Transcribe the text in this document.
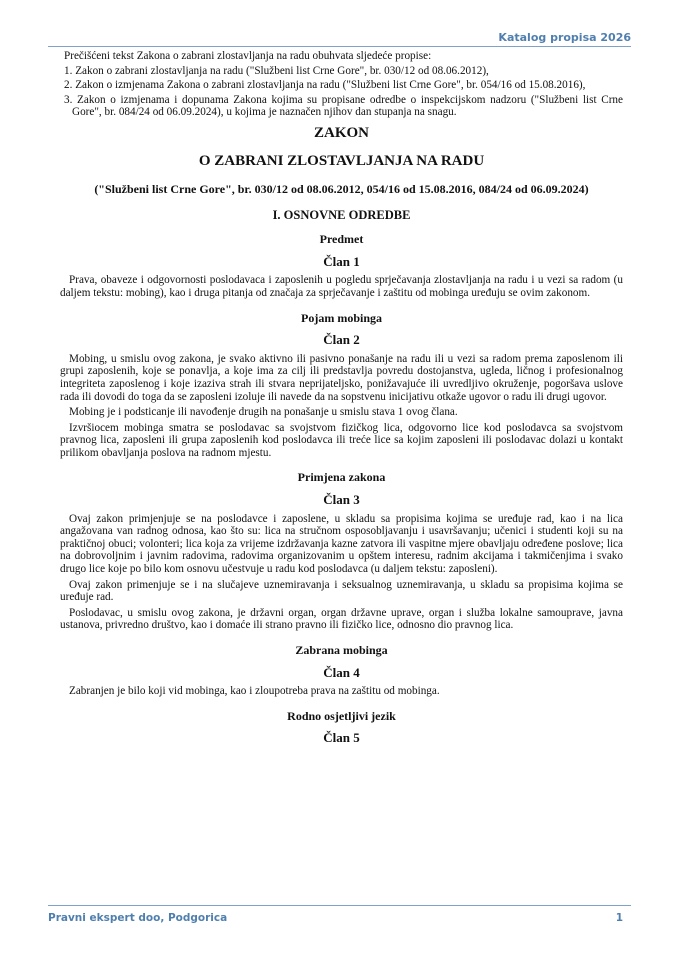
Katalog propisa 2026

Prečišćeni tekst Zakona o zabrani zlostavljanja na radu obuhvata sljedeće propise:

1. Zakon o zabrani zlostavljanja na radu ("Službeni list Crne Gore", br. 030/12 od 08.06.2012),
2. Zakon o izmjenama Zakona o zabrani zlostavljanja na radu ("Službeni list Crne Gore", br. 054/16 od 15.08.2016),
3. Zakon o izmjenama i dopunama Zakona kojima su propisane odredbe o inspekcijskom nadzoru ("Službeni list Crne Gore", br. 084/24 od 06.09.2024), u kojima je naznačen njihov dan stupanja na snagu.
ZAKON
O ZABRANI ZLOSTAVLJANJA NA RADU
("Službeni list Crne Gore", br. 030/12 od 08.06.2012, 054/16 od 15.08.2016, 084/24 od 06.09.2024)
I. OSNOVNE ODREDBE
Predmet
Član 1

Prava, obaveze i odgovornosti poslodavaca i zaposlenih u pogledu sprječavanja zlostavljanja na radu i u vezi sa radom (u daljem tekstu: mobing), kao i druga pitanja od značaja za sprječavanje i zaštitu od mobinga uređuju se ovim zakonom.

Pojam mobinga
Član 2

Mobing, u smislu ovog zakona, je svako aktivno ili pasivno ponašanje na radu ili u vezi sa radom prema zaposlenom ili grupi zaposlenih, koje se ponavlja, a koje ima za cilj ili predstavlja povredu dostojanstva, ugleda, ličnog i profesionalnog integriteta zaposlenog i koje izaziva strah ili stvara neprijateljsko, ponižavajuće ili uvredljivo okruženje, pogoršava uslove rada ili dovodi do toga da se zaposleni izoluje ili navede da na sopstvenu inicijativu otkaže ugovor o radu ili drugi ugovor.

Mobing je i podsticanje ili navođenje drugih na ponašanje u smislu stava 1 ovog člana.

Izvršiocem mobinga smatra se poslodavac sa svojstvom fizičkog lica, odgovorno lice kod poslodavca sa svojstvom pravnog lica, zaposleni ili grupa zaposlenih kod poslodavca ili treće lice sa kojim zaposleni ili poslodavac dolazi u kontakt prilikom obavljanja poslova na radnom mjestu.

Primjena zakona
Član 3

Ovaj zakon primjenjuje se na poslodavce i zaposlene, u skladu sa propisima kojima se uređuje rad, kao i na lica angažovana van radnog odnosa, kao što su: lica na stručnom osposobljavanju i usavršavanju; učenici i studenti koji su na praktičnoj obuci; volonteri; lica koja za vrijeme izdržavanja kazne zatvora ili vaspitne mjere obavljaju određene poslove; lica na dobrovoljnim i javnim radovima, radovima organizovanim u opštem interesu, radnim akcijama i takmičenjima i svako drugo lice koje po bilo kom osnovu učestvuje u radu kod poslodavca (u daljem tekstu: zaposleni).

Ovaj zakon primenjuje se i na slučajeve uznemiravanja i seksualnog uznemiravanja, u skladu sa propisima kojima se uređuje rad.

Poslodavac, u smislu ovog zakona, je državni organ, organ državne uprave, organ i služba lokalne samouprave, javna ustanova, privredno društvo, kao i domaće ili strano pravno ili fizičko lice, odnosno dio pravnog lica.

Zabrana mobinga
Član 4

Zabranjen je bilo koji vid mobinga, kao i zloupotreba prava na zaštitu od mobinga.

Rodno osjetljivi jezik
Član 5
Pravni ekspert doo, Podgorica	1
